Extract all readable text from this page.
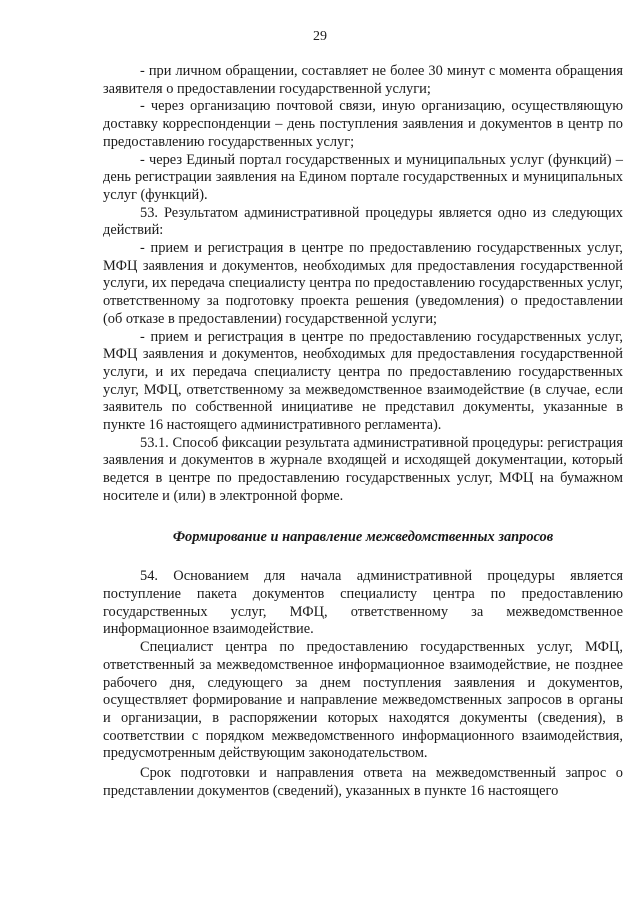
29

- при личном обращении, составляет не более 30 минут с момента обращения заявителя о предоставлении государственной услуги;

- через организацию почтовой связи, иную организацию, осуществляющую доставку корреспонденции – день поступления заявления и документов в центр по предоставлению государственных услуг;

- через Единый портал государственных и муниципальных услуг (функций) – день регистрации заявления на Едином портале государственных и муниципальных услуг (функций).

53. Результатом административной процедуры является одно из следующих действий:

- прием и регистрация в центре по предоставлению государственных услуг, МФЦ заявления и документов, необходимых для предоставления государственной услуги, их передача специалисту центра по предоставлению государственных услуг, ответственному за подготовку проекта решения (уведомления) о предоставлении (об отказе в предоставлении) государственной услуги;

- прием и регистрация в центре по предоставлению государственных услуг, МФЦ заявления и документов, необходимых для предоставления государственной услуги, и их передача специалисту центра по предоставлению государственных услуг, МФЦ, ответственному за межведомственное взаимодействие (в случае, если заявитель по собственной инициативе не представил документы, указанные в пункте 16 настоящего административного регламента).

53.1. Способ фиксации результата административной процедуры: регистрация заявления и документов в журнале входящей и исходящей документации, который ведется в центре по предоставлению государственных услуг, МФЦ на бумажном носителе и (или) в электронной форме.

Формирование и направление межведомственных запросов

54. Основанием для начала административной процедуры является поступление пакета документов специалисту центра по предоставлению государственных услуг, МФЦ, ответственному за межведомственное информационное взаимодействие.

Специалист центра по предоставлению государственных услуг, МФЦ, ответственный за межведомственное информационное взаимодействие, не позднее рабочего дня, следующего за днем поступления заявления и документов, осуществляет формирование и направление межведомственных запросов в органы и организации, в распоряжении которых находятся документы (сведения), в соответствии с порядком межведомственного информационного взаимодействия, предусмотренным действующим законодательством.

Срок подготовки и направления ответа на межведомственный запрос о представлении документов (сведений), указанных в пункте 16 настоящего
